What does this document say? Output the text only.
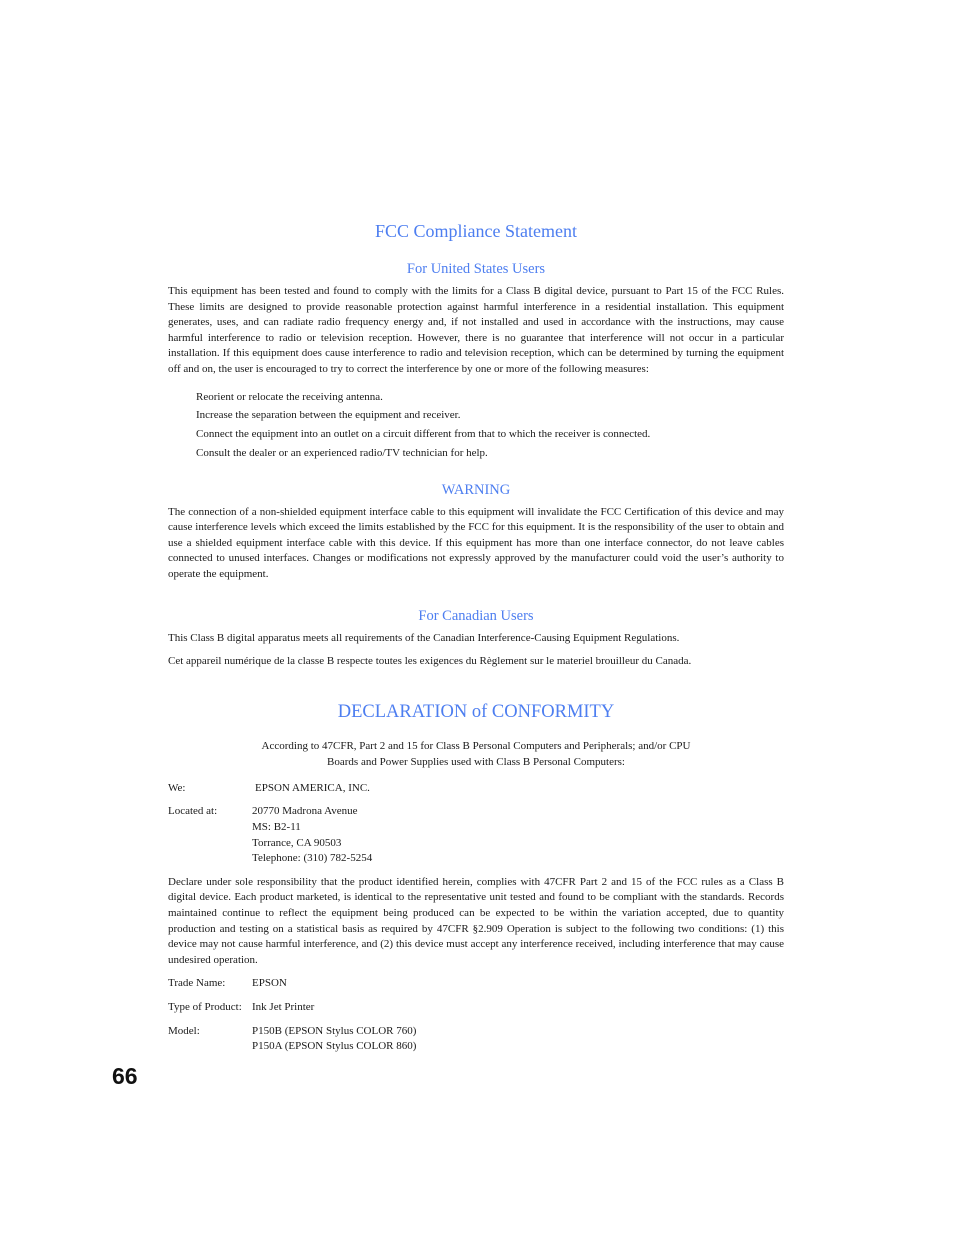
FCC Compliance Statement
For United States Users

This equipment has been tested and found to comply with the limits for a Class B digital device, pursuant to Part 15 of the FCC Rules. These limits are designed to provide reasonable protection against harmful interference in a residential installation. This equipment generates, uses, and can radiate radio frequency energy and, if not installed and used in accordance with the instructions, may cause harmful interference to radio or television reception. However, there is no guarantee that interference will not occur in a particular installation. If this equipment does cause interference to radio and television reception, which can be determined by turning the equipment off and on, the user is encouraged to try to correct the interference by one or more of the following measures:

Reorient or relocate the receiving antenna.
Increase the separation between the equipment and receiver.
Connect the equipment into an outlet on a circuit different from that to which the receiver is connected.
Consult the dealer or an experienced radio/TV technician for help.
WARNING

The connection of a non-shielded equipment interface cable to this equipment will invalidate the FCC Certification of this device and may cause interference levels which exceed the limits established by the FCC for this equipment. It is the responsibility of the user to obtain and use a shielded equipment interface cable with this device. If this equipment has more than one interface connector, do not leave cables connected to unused interfaces. Changes or modifications not expressly approved by the manufacturer could void the user’s authority to operate the equipment.

For Canadian Users

This Class B digital apparatus meets all requirements of the Canadian Interference-Causing Equipment Regulations.

Cet appareil numérique de la classe B respecte toutes les exigences du Règlement sur le materiel brouilleur du Canada.

DECLARATION of CONFORMITY

According to 47CFR, Part 2 and 15 for Class B Personal Computers and Peripherals; and/or CPU
Boards and Power Supplies used with Class B Personal Computers:

We:	EPSON AMERICA, INC.
Located at:	20770 Madrona Avenue
MS: B2-11
Torrance, CA 90503
Telephone: (310) 782-5254

Declare under sole responsibility that the product identified herein, complies with 47CFR Part 2 and 15 of the FCC rules as a Class B digital device. Each product marketed, is identical to the representative unit tested and found to be compliant with the standards. Records maintained continue to reflect the equipment being produced can be expected to be within the variation accepted, due to quantity production and testing on a statistical basis as required by 47CFR §2.909 Operation is subject to the following two conditions: (1) this device may not cause harmful interference, and (2) this device must accept any interference received, including interference that may cause undesired operation.

Trade Name:	EPSON
Type of Product: Ink Jet Printer
Model:	P150B (EPSON Stylus COLOR 760)
P150A (EPSON Stylus COLOR 860)
66
